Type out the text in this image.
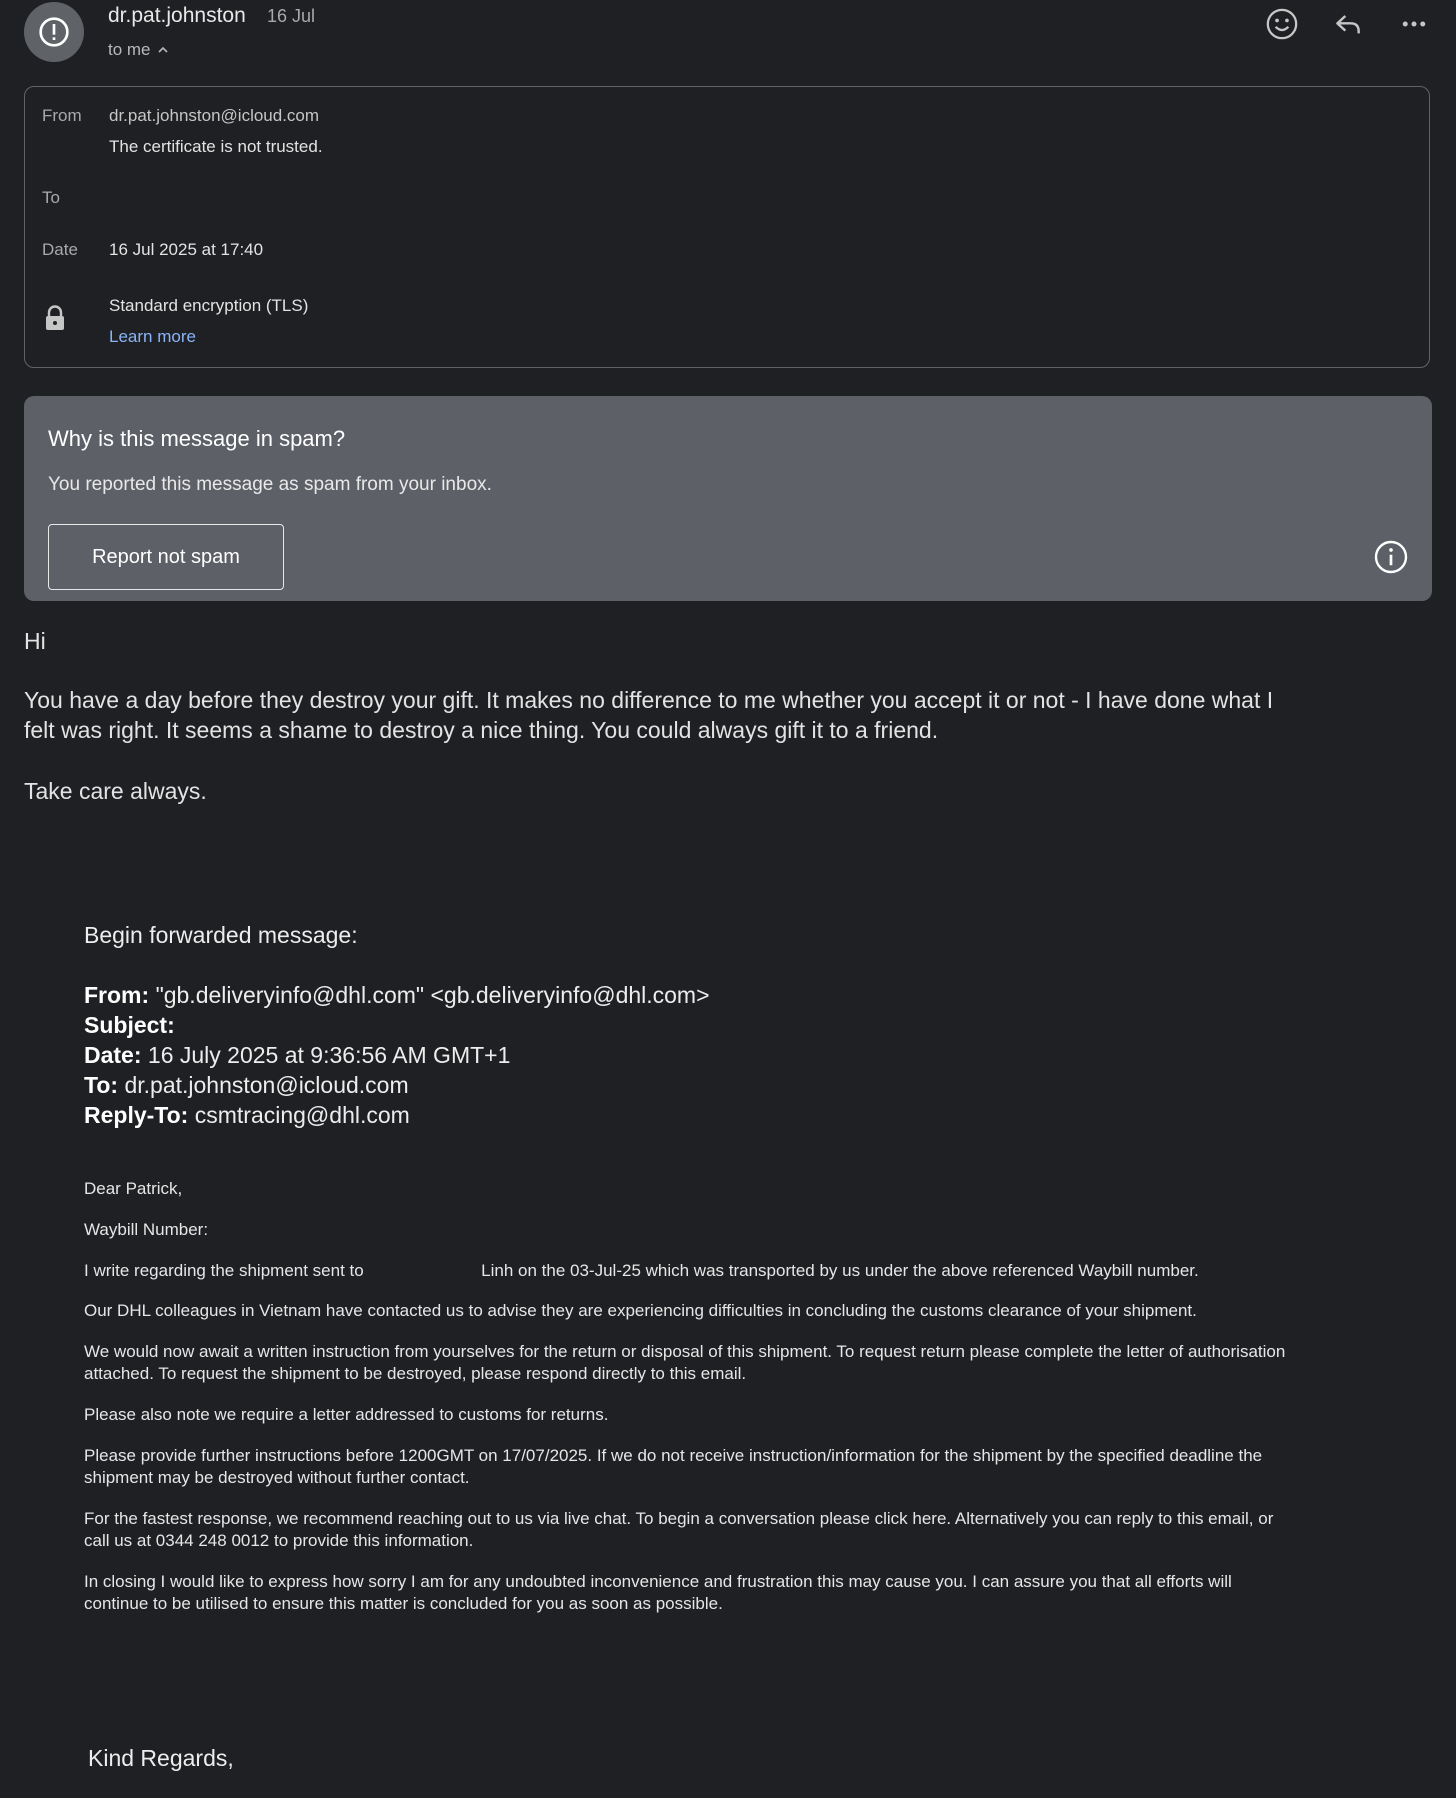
dr.pat.johnston 16 Jul
to me
From dr.pat.johnston@icloud.com
The certificate is not trusted.
To
Date 16 Jul 2025 at 17:40
Standard encryption (TLS)
Learn more
Why is this message in spam?
You reported this message as spam from your inbox.
Report not spam
Hi
You have a day before they destroy your gift. It makes no difference to me whether you accept it or not - I have done what I
felt was right. It seems a shame to destroy a nice thing. You could always gift it to a friend.
Take care always.
Begin forwarded message:
From: "gb.deliveryinfo@dhl.com" <gb.deliveryinfo@dhl.com>
Subject:
Date: 16 July 2025 at 9:36:56 AM GMT+1
To: dr.pat.johnston@icloud.com
Reply-To: csmtracing@dhl.com
Dear Patrick,
Waybill Number:
I write regarding the shipment sent to	Linh on the 03-Jul-25 which was transported by us under the above referenced Waybill number.
Our DHL colleagues in Vietnam have contacted us to advise they are experiencing difficulties in concluding the customs clearance of your shipment.
We would now await a written instruction from yourselves for the return or disposal of this shipment. To request return please complete the letter of authorisation
attached. To request the shipment to be destroyed, please respond directly to this email.
Please also note we require a letter addressed to customs for returns.
Please provide further instructions before 1200GMT on 17/07/2025. If we do not receive instruction/information for the shipment by the specified deadline the
shipment may be destroyed without further contact.
For the fastest response, we recommend reaching out to us via live chat. To begin a conversation please click here. Alternatively you can reply to this email, or
call us at 0344 248 0012 to provide this information.
In closing I would like to express how sorry I am for any undoubted inconvenience and frustration this may cause you. I can assure you that all efforts will
continue to be utilised to ensure this matter is concluded for you as soon as possible.
Kind Regards,
